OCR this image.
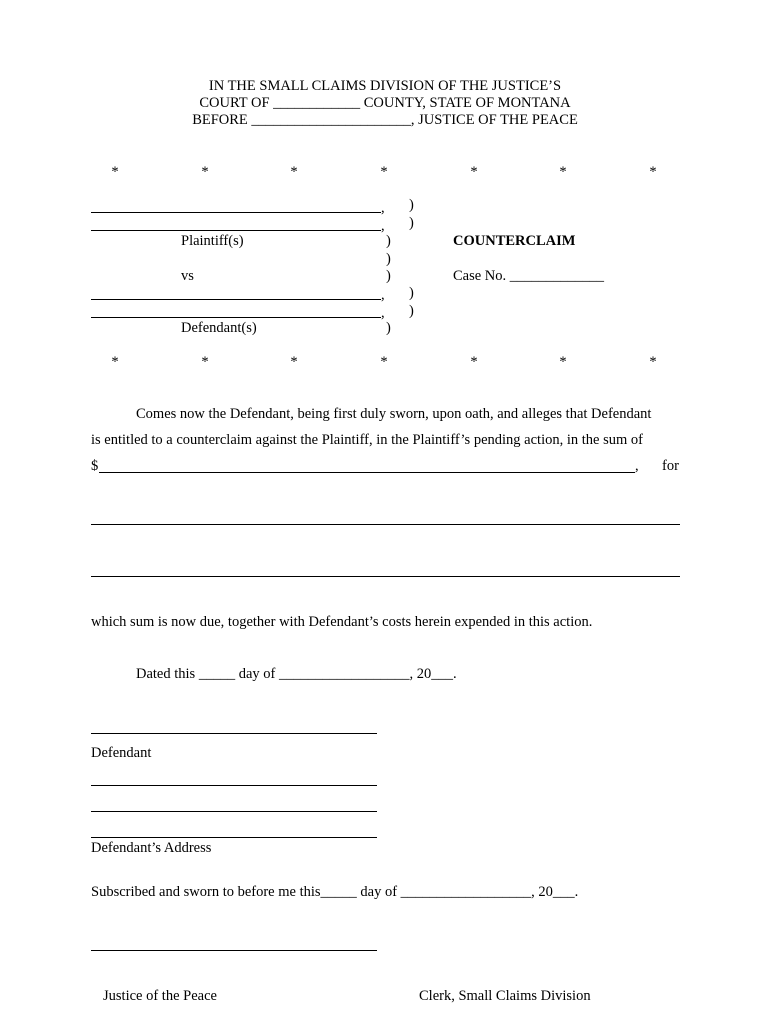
IN THE SMALL CLAIMS DIVISION OF THE JUSTICE’S
COURT OF ____________ COUNTY, STATE OF MONTANA
BEFORE ______________________, JUSTICE OF THE PEACE
*	*	*	*	*	*	*
, )
, )
Plaintiff(s)	)	COUNTERCLAIM
)
vs	)	Case No. _____________
, )
, )
Defendant(s)	)
*	*	*	*	*	*	*
Comes now the Defendant, being first duly sworn, upon oath, and alleges that Defendant
is entitled to a counterclaim against the Plaintiff, in the Plaintiff’s pending action, in the sum of
$	, for
which sum is now due, together with Defendant’s costs herein expended in this action.
Dated this _____ day of __________________, 20___.
Defendant
Defendant’s Address
Subscribed and sworn to before me this_____ day of __________________, 20___.
Justice of the Peace	Clerk, Small Claims Division
